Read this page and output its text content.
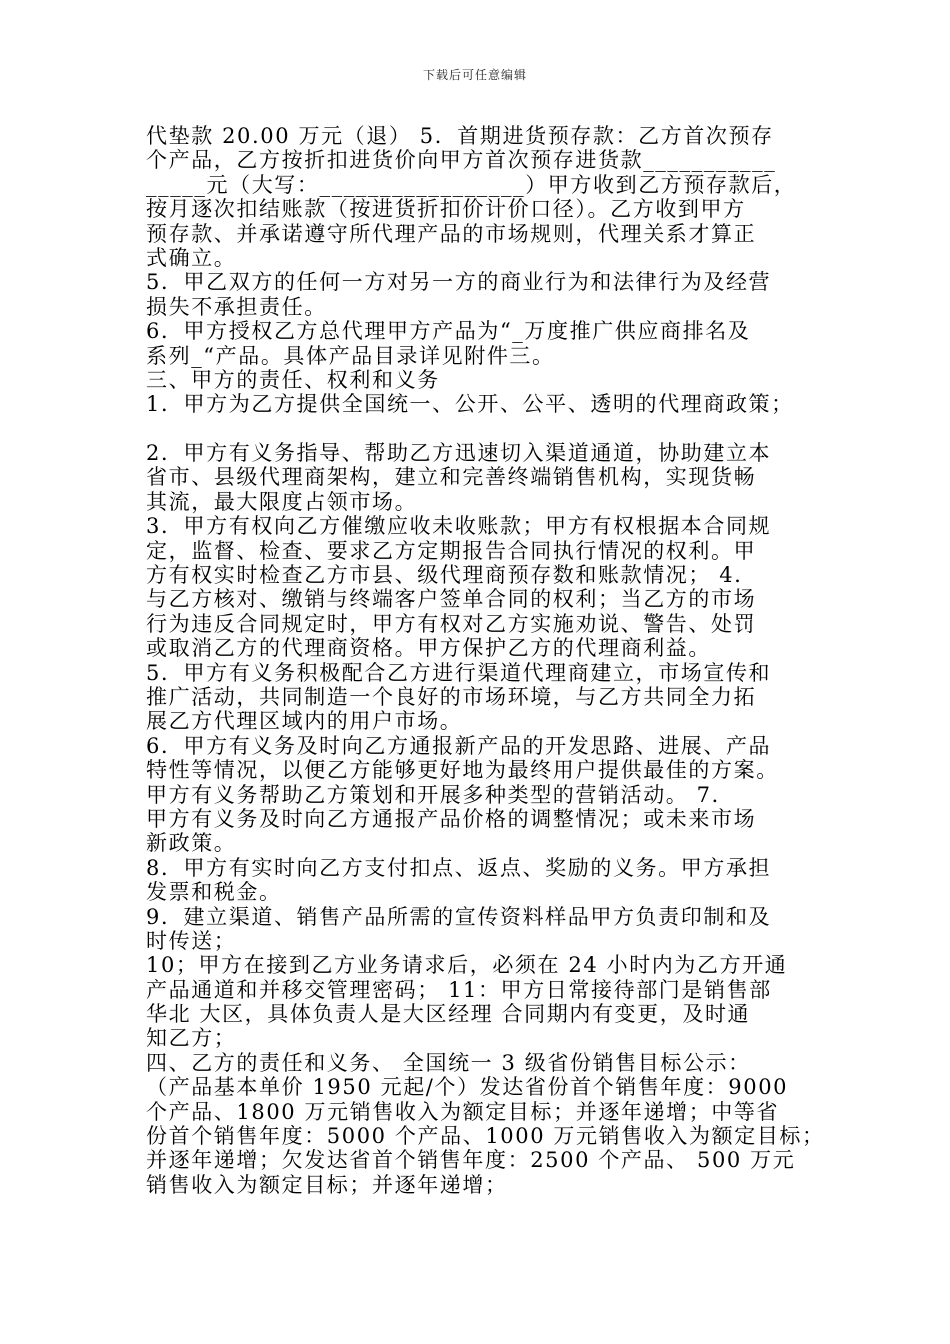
下载后可任意编辑
代垫款 20.00 万元（退） 5．首期进货预存款：乙方首次预存
个产品，乙方按折扣进货价向甲方首次预存进货款___________
_____元（大写：_________________）甲方收到乙方预存款后，
按月逐次扣结账款（按进货折扣价计价口径）。乙方收到甲方
预存款、并承诺遵守所代理产品的市场规则，代理关系才算正
式确立。
5．甲乙双方的任何一方对另一方的商业行为和法律行为及经营
损失不承担责任。
6．甲方授权乙方总代理甲方产品为“_万度推广供应商排名及
系列_“产品。具体产品目录详见附件三。
三、甲方的责任、权利和义务
1．甲方为乙方提供全国统一、公开、公平、透明的代理商政策；
2．甲方有义务指导、帮助乙方迅速切入渠道通道，协助建立本
省市、县级代理商架构，建立和完善终端销售机构，实现货畅
其流，最大限度占领市场。
3．甲方有权向乙方催缴应收未收账款；甲方有权根据本合同规
定，监督、检查、要求乙方定期报告合同执行情况的权利。甲
方有权实时检查乙方市县、级代理商预存数和账款情况； 4．
与乙方核对、缴销与终端客户签单合同的权利；当乙方的市场
行为违反合同规定时，甲方有权对乙方实施劝说、警告、处罚
或取消乙方的代理商资格。甲方保护乙方的代理商利益。
5．甲方有义务积极配合乙方进行渠道代理商建立，市场宣传和
推广活动，共同制造一个良好的市场环境，与乙方共同全力拓
展乙方代理区域内的用户市场。
6．甲方有义务及时向乙方通报新产品的开发思路、进展、产品
特性等情况，以便乙方能够更好地为最终用户提供最佳的方案。
甲方有义务帮助乙方策划和开展多种类型的营销活动。 7．
甲方有义务及时向乙方通报产品价格的调整情况；或未来市场
新政策。
8．甲方有实时向乙方支付扣点、返点、奖励的义务。甲方承担
发票和税金。
9．建立渠道、销售产品所需的宣传资料样品甲方负责印制和及
时传送；
10；甲方在接到乙方业务请求后，必须在 24 小时内为乙方开通
产品通道和并移交管理密码； 11：甲方日常接待部门是销售部
华北 大区，具体负责人是大区经理 合同期内有变更，及时通
知乙方；
四、乙方的责任和义务、 全国统一 3 级省份销售目标公示：
（产品基本单价 1950 元起/个）发达省份首个销售年度：9000
个产品、1800 万元销售收入为额定目标；并逐年递增；中等省
份首个销售年度：5000 个产品、1000 万元销售收入为额定目标；
并逐年递增；欠发达省首个销售年度：2500 个产品、 500 万元
销售收入为额定目标；并逐年递增；
